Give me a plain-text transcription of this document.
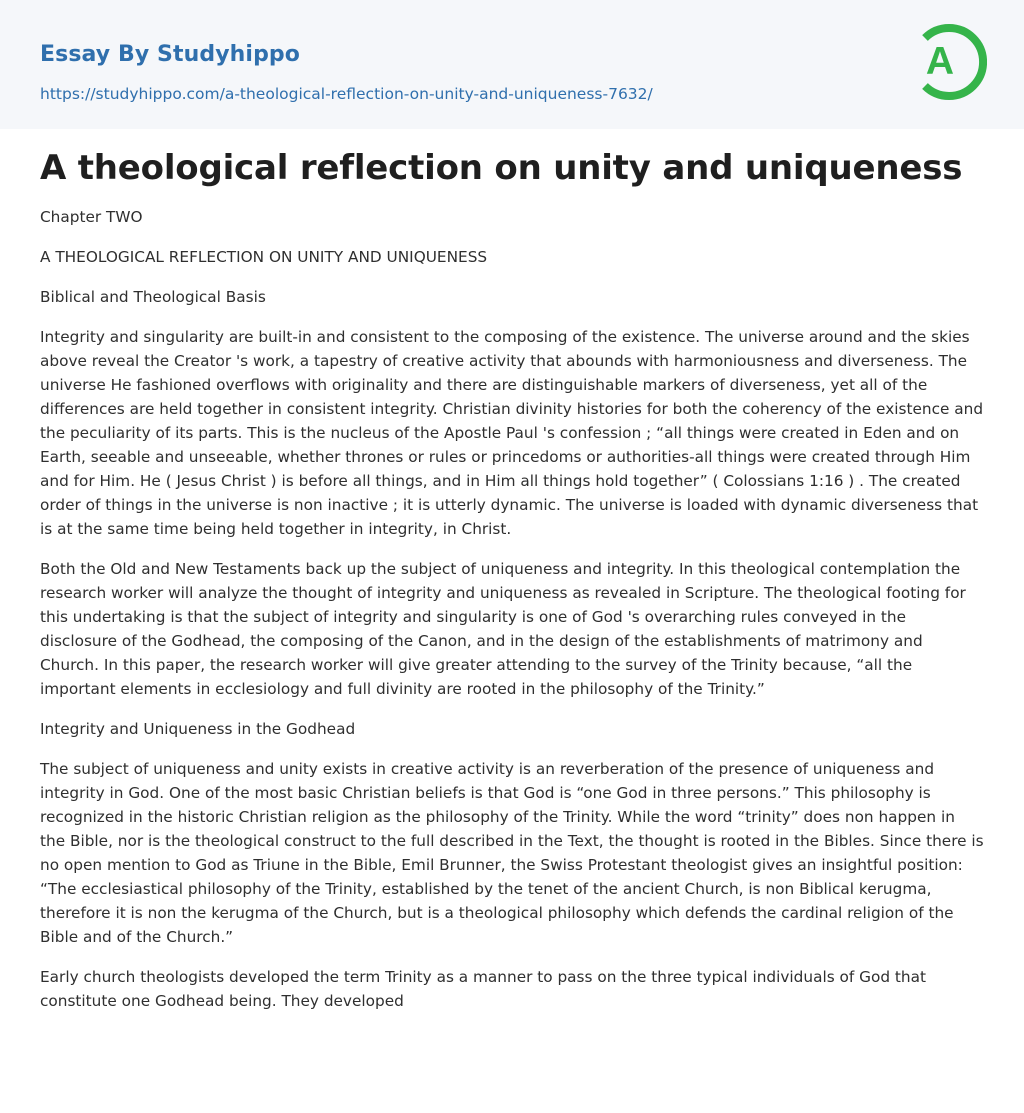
Essay By Studyhippo
https://studyhippo.com/a-theological-reflection-on-unity-and-uniqueness-7632/
A
A theological reflection on unity and uniqueness

Chapter TWO

A THEOLOGICAL REFLECTION ON UNITY AND UNIQUENESS

Biblical and Theological Basis

Integrity and singularity are built-in and consistent to the composing of the existence. The universe around and the skies above reveal the Creator 's work, a tapestry of creative activity that abounds with harmoniousness and diverseness. The universe He fashioned overflows with originality and there are distinguishable markers of diverseness, yet all of the differences are held together in consistent integrity. Christian divinity histories for both the coherency of the existence and the peculiarity of its parts. This is the nucleus of the Apostle Paul 's confession ; “all things were created in Eden and on Earth, seeable and unseeable, whether thrones or rules or princedoms or authorities-all things were created through Him and for Him. He ( Jesus Christ ) is before all things, and in Him all things hold together” ( Colossians 1:16 ) . The created order of things in the universe is non inactive ; it is utterly dynamic. The universe is loaded with dynamic diverseness that is at the same time being held together in integrity, in Christ.

Both the Old and New Testaments back up the subject of uniqueness and integrity. In this theological contemplation the research worker will analyze the thought of integrity and uniqueness as revealed in Scripture. The theological footing for this undertaking is that the subject of integrity and singularity is one of God 's overarching rules conveyed in the disclosure of the Godhead, the composing of the Canon, and in the design of the establishments of matrimony and Church. In this paper, the research worker will give greater attending to the survey of the Trinity because, “all the important elements in ecclesiology and full divinity are rooted in the philosophy of the Trinity.”

Integrity and Uniqueness in the Godhead

The subject of uniqueness and unity exists in creative activity is an reverberation of the presence of uniqueness and integrity in God. One of the most basic Christian beliefs is that God is “one God in three persons.” This philosophy is recognized in the historic Christian religion as the philosophy of the Trinity. While the word “trinity” does non happen in the Bible, nor is the theological construct to the full described in the Text, the thought is rooted in the Bibles. Since there is no open mention to God as Triune in the Bible, Emil Brunner, the Swiss Protestant theologist gives an insightful position: “The ecclesiastical philosophy of the Trinity, established by the tenet of the ancient Church, is non Biblical kerugma, therefore it is non the kerugma of the Church, but is a theological philosophy which defends the cardinal religion of the Bible and of the Church.”

Early church theologists developed the term Trinity as a manner to pass on the three typical individuals of God that constitute one Godhead being. They developed
